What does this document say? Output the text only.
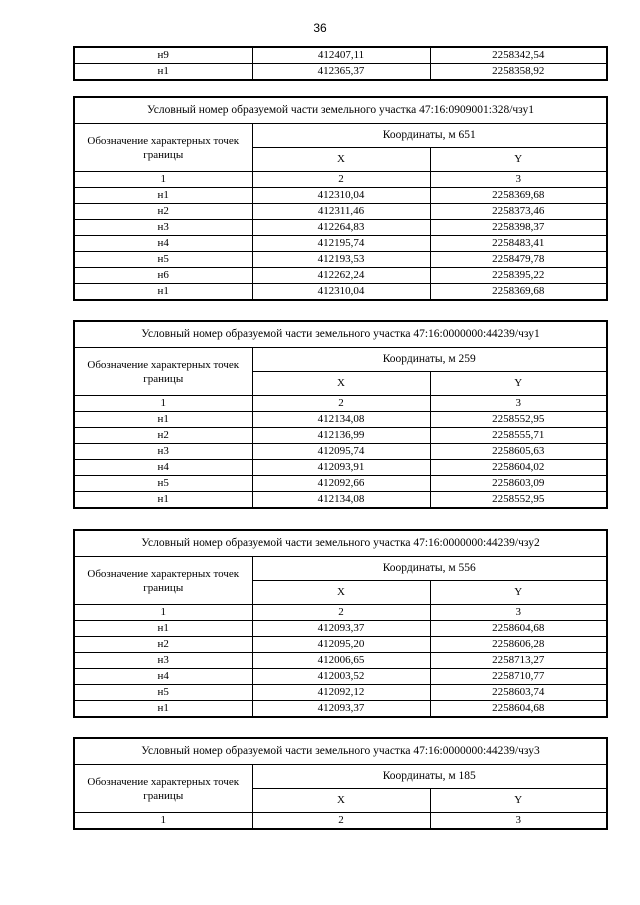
36
н9	412407,11	2258342,54
н1	412365,37	2258358,92
Условный номер образуемой части земельного участка 47:16:0909001:328/чзу1		
Обозначение характерных точек границы	Координаты, м 651	
	X	Y
1	2	3
н1	412310,04	2258369,68
н2	412311,46	2258373,46
н3	412264,83	2258398,37
н4	412195,74	2258483,41
н5	412193,53	2258479,78
н6	412262,24	2258395,22
н1	412310,04	2258369,68
Условный номер образуемой части земельного участка 47:16:0000000:44239/чзу1		
Обозначение характерных точек границы	Координаты, м 259	
	X	Y
1	2	3
н1	412134,08	2258552,95
н2	412136,99	2258555,71
н3	412095,74	2258605,63
н4	412093,91	2258604,02
н5	412092,66	2258603,09
н1	412134,08	2258552,95
Условный номер образуемой части земельного участка 47:16:0000000:44239/чзу2		
Обозначение характерных точек границы	Координаты, м 556	
	X	Y
1	2	3
н1	412093,37	2258604,68
н2	412095,20	2258606,28
н3	412006,65	2258713,27
н4	412003,52	2258710,77
н5	412092,12	2258603,74
н1	412093,37	2258604,68
Условный номер образуемой части земельного участка 47:16:0000000:44239/чзу3		
Обозначение характерных точек границы	Координаты, м 185	
	X	Y
1	2	3
